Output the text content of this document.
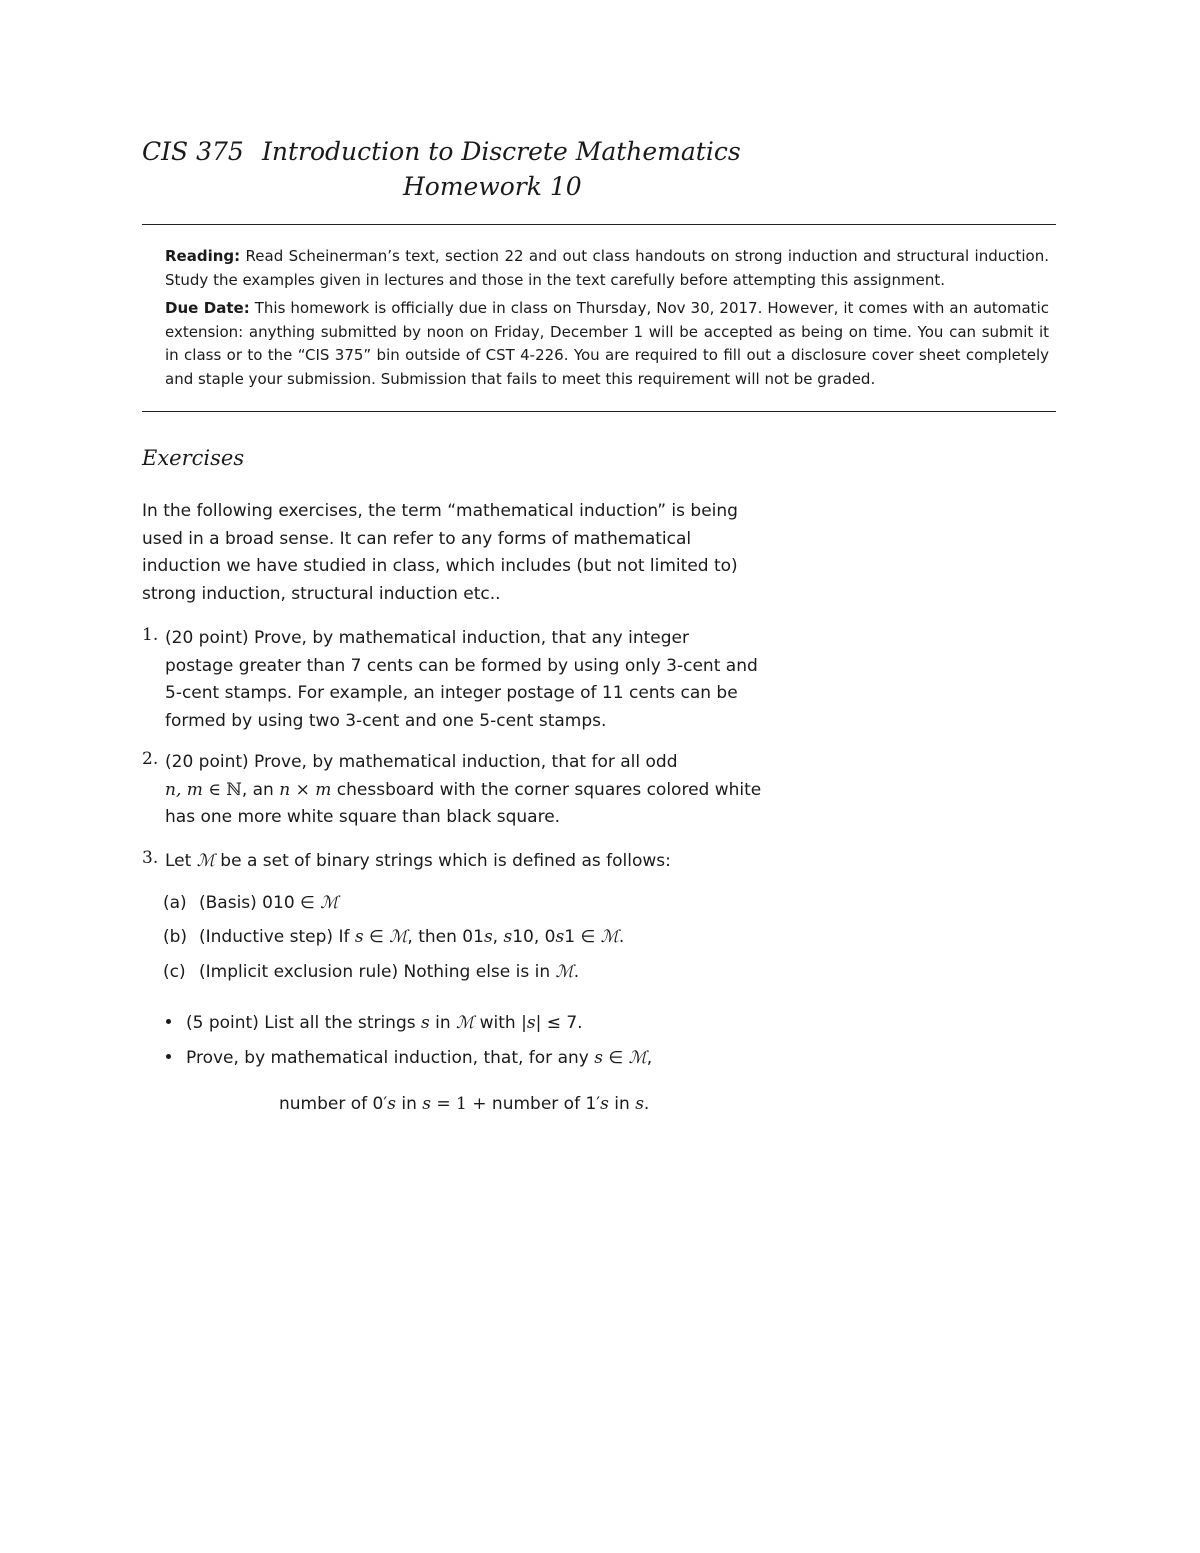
CIS 375 Introduction to Discrete Mathematics
Homework 10
Reading: Read Scheinerman’s text, section 22 and out class handouts on strong induction and structural induction. Study the examples given in lectures and those in the text carefully before attempting this assignment.
Due Date: This homework is officially due in class on Thursday, Nov 30, 2017. However, it comes with an automatic extension: anything submitted by noon on Friday, December 1 will be accepted as being on time. You can submit it in class or to the “CIS 375” bin outside of CST 4-226. You are required to fill out a disclosure cover sheet completely and staple your submission. Submission that fails to meet this requirement will not be graded.
Exercises
In the following exercises, the term “mathematical induction” is being used in a broad sense. It can refer to any forms of mathematical induction we have studied in class, which includes (but not limited to) strong induction, structural induction etc..
1. (20 point) Prove, by mathematical induction, that any integer postage greater than 7 cents can be formed by using only 3-cent and 5-cent stamps. For example, an integer postage of 11 cents can be formed by using two 3-cent and one 5-cent stamps.
2. (20 point) Prove, by mathematical induction, that for all odd
n, m ∈ ℕ, an n × m chessboard with the corner squares colored white has one more white square than black square.
3. Let ℳ be a set of binary strings which is defined as follows:
(a) (Basis) 010 ∈ ℳ
(b) (Inductive step) If s ∈ ℳ, then 01s, s10, 0s1 ∈ ℳ.
(c) (Implicit exclusion rule) Nothing else is in ℳ.
(5 point) List all the strings s in ℳ with |s| ≤ 7.
Prove, by mathematical induction, that, for any s ∈ ℳ,
number of 0′s in s = 1 + number of 1′s in s.
